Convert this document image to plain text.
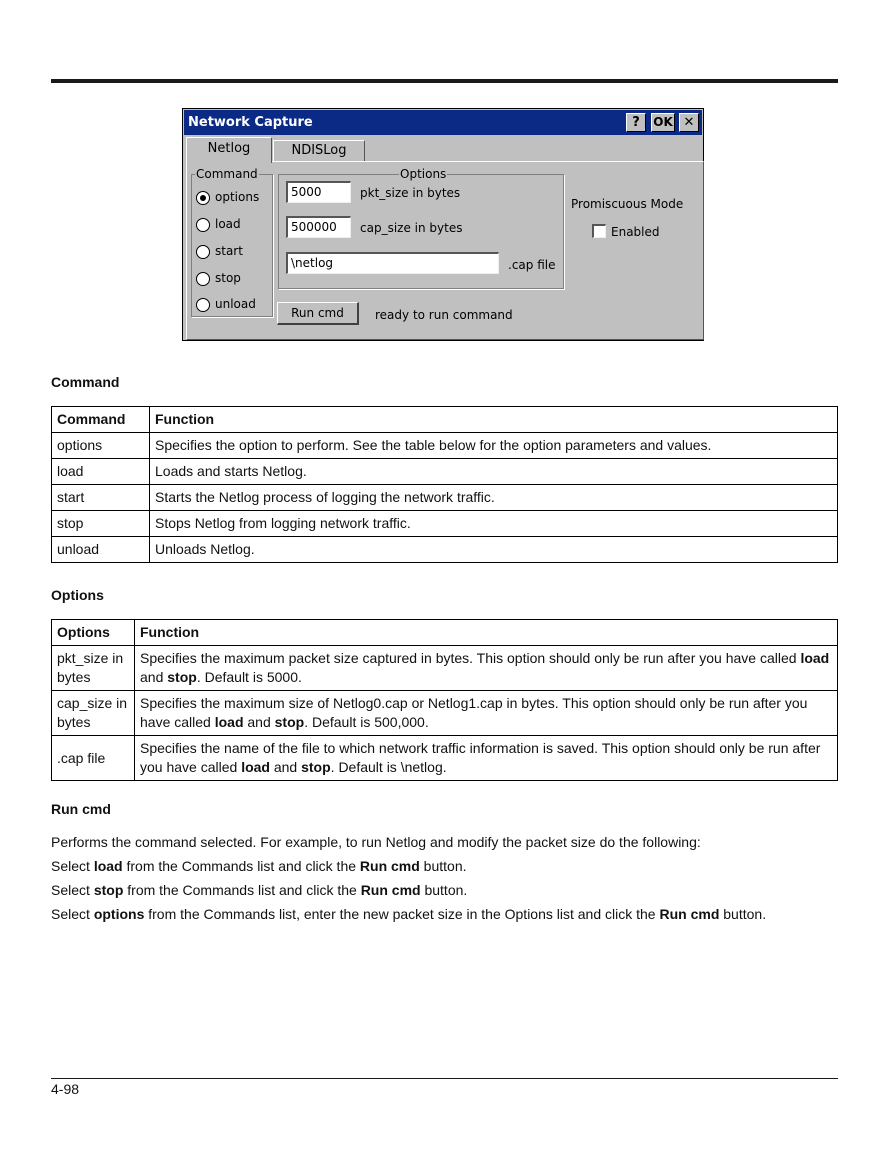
Network Capture	?	OK ✕
Netlog	NDISLog
Command
options
load
start
stop
unload
Options
5000	pkt_size in bytes
500000	cap_size in bytes
\netlog	.cap file
Run cmd	ready to run command
Promiscuous Mode
Enabled
Command
Command	Function
options	Specifies the option to perform. See the table below for the option parameters and values.
load	Loads and starts Netlog.
start	Starts the Netlog process of logging the network traffic.
stop	Stops Netlog from logging network traffic.
unload	Unloads Netlog.
Options
Options	Function
pkt_size in bytes	Specifies the maximum packet size captured in bytes. This option should only be run after you have called load and stop. Default is 5000.
cap_size in bytes	Specifies the maximum size of Netlog0.cap or Netlog1.cap in bytes. This option should only be run after you have called load and stop. Default is 500,000.
.cap file	Specifies the name of the file to which network traffic information is saved. This option should only be run after you have called load and stop. Default is \netlog.
Run cmd
Performs the command selected. For example, to run Netlog and modify the packet size do the following:
Select load from the Commands list and click the Run cmd button.
Select stop from the Commands list and click the Run cmd button.
Select options from the Commands list, enter the new packet size in the Options list and click the Run cmd button.
4-98
